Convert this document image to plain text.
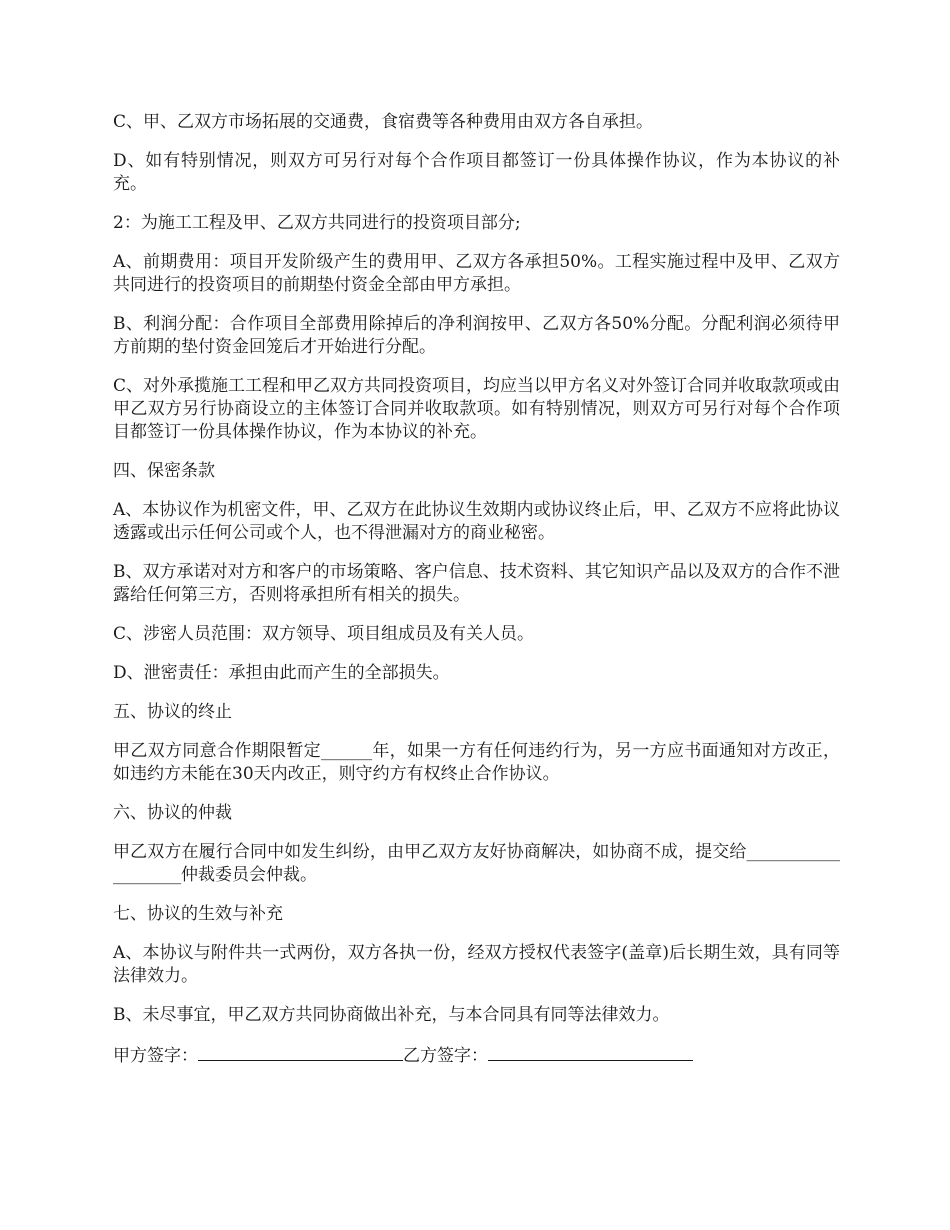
C、甲、乙双方市场拓展的交通费，食宿费等各种费用由双方各自承担。

D、如有特别情况，则双方可另行对每个合作项目都签订一份具体操作协议，作为本协议的补充。

2：为施工工程及甲、乙双方共同进行的投资项目部分;

A、前期费用：项目开发阶级产生的费用甲、乙双方各承担50%。工程实施过程中及甲、乙双方共同进行的投资项目的前期垫付资金全部由甲方承担。

B、利润分配：合作项目全部费用除掉后的净利润按甲、乙双方各50%分配。分配利润必须待甲方前期的垫付资金回笼后才开始进行分配。

C、对外承揽施工工程和甲乙双方共同投资项目，均应当以甲方名义对外签订合同并收取款项或由甲乙双方另行协商设立的主体签订合同并收取款项。如有特别情况，则双方可另行对每个合作项目都签订一份具体操作协议，作为本协议的补充。

四、保密条款

A、本协议作为机密文件，甲、乙双方在此协议生效期内或协议终止后，甲、乙双方不应将此协议透露或出示任何公司或个人，也不得泄漏对方的商业秘密。

B、双方承诺对对方和客户的市场策略、客户信息、技术资料、其它知识产品以及双方的合作不泄露给任何第三方，否则将承担所有相关的损失。

C、涉密人员范围：双方领导、项目组成员及有关人员。

D、泄密责任：承担由此而产生的全部损失。

五、协议的终止

甲乙双方同意合作期限暂定______年，如果一方有任何违约行为，另一方应书面通知对方改正，如违约方未能在30天内改正，则守约方有权终止合作协议。

六、协议的仲裁

甲乙双方在履行合同中如发生纠纷，由甲乙双方友好协商解决，如协商不成，提交给___________________仲裁委员会仲裁。

七、协议的生效与补充

A、本协议与附件共一式两份，双方各执一份，经双方授权代表签字(盖章)后长期生效，具有同等法律效力。

B、未尽事宜，甲乙双方共同协商做出补充，与本合同具有同等法律效力。

甲方签字：	乙方签字：
